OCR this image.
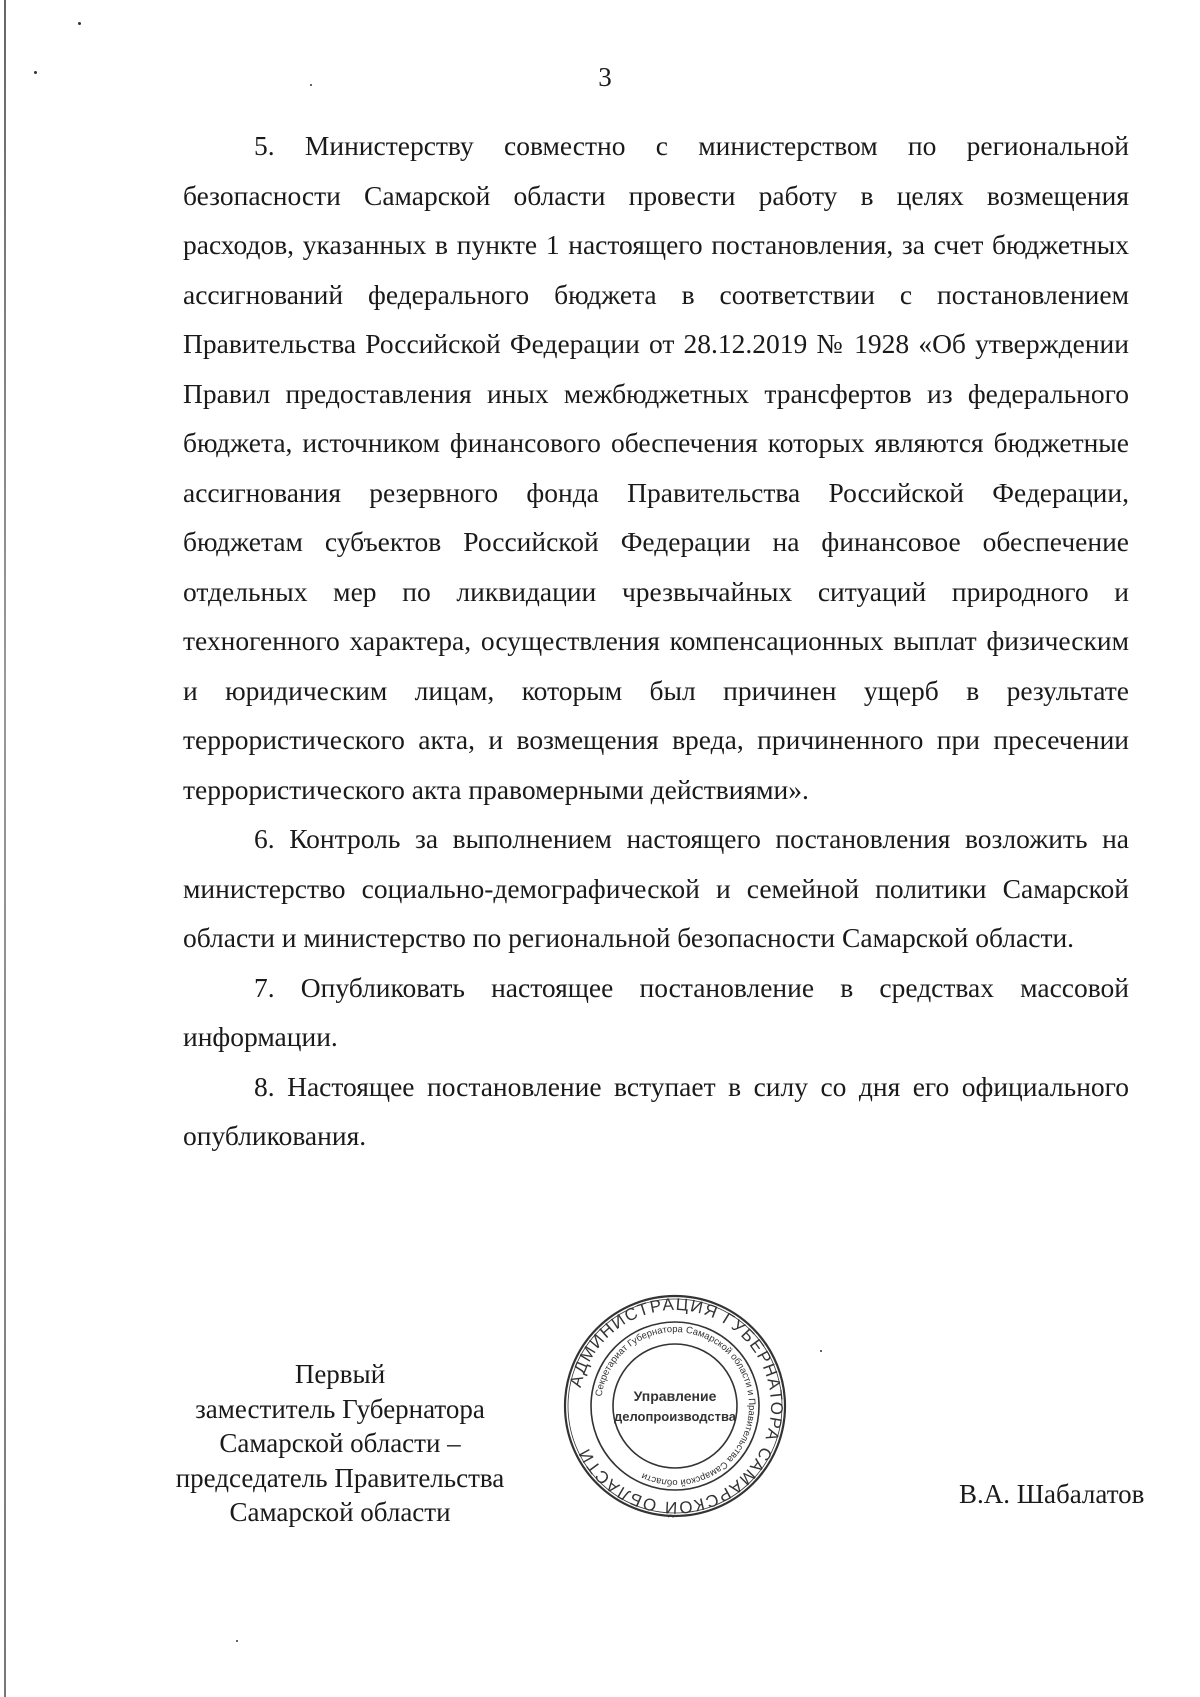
3

5. Министерству совместно с министерством по региональной безопасности Самарской области провести работу в целях возмещения расходов, указанных в пункте 1 настоящего постановления, за счет бюджетных ассигнований федерального бюджета в соответствии с постановлением Правительства Российской Федерации от 28.12.2019 № 1928 «Об утверждении Правил предоставления иных межбюджетных трансфертов из федерального бюджета, источником финансового обеспечения которых являются бюджетные ассигнования резервного фонда Правительства Российской Федерации, бюджетам субъектов Российской Федерации на финансовое обеспечение отдельных мер по ликвидации чрезвычайных ситуаций природного и техногенного характера, осуществления компенсационных выплат физическим и юридическим лицам, которым был причинен ущерб в результате террористического акта, и возмещения вреда, причиненного при пресечении террористического акта правомерными действиями».

6. Контроль за выполнением настоящего постановления возложить на министерство социально-демографической и семейной политики Самарской области и министерство по региональной безопасности Самарской области.

7. Опубликовать настоящее постановление в средствах массовой информации.

8. Настоящее постановление вступает в силу со дня его официального опубликования.

Первый
заместитель Губернатора
Самарской области –
председатель Правительства
Самарской области
АДМИНИСТРАЦИЯ ГУБЕРНАТОРА САМАРСКОЙ ОБЛАСТИ
Секретариат Губернатора Самарской области и Правительства Самарской области
Управление
делопроизводства
В.А. Шабалатов
